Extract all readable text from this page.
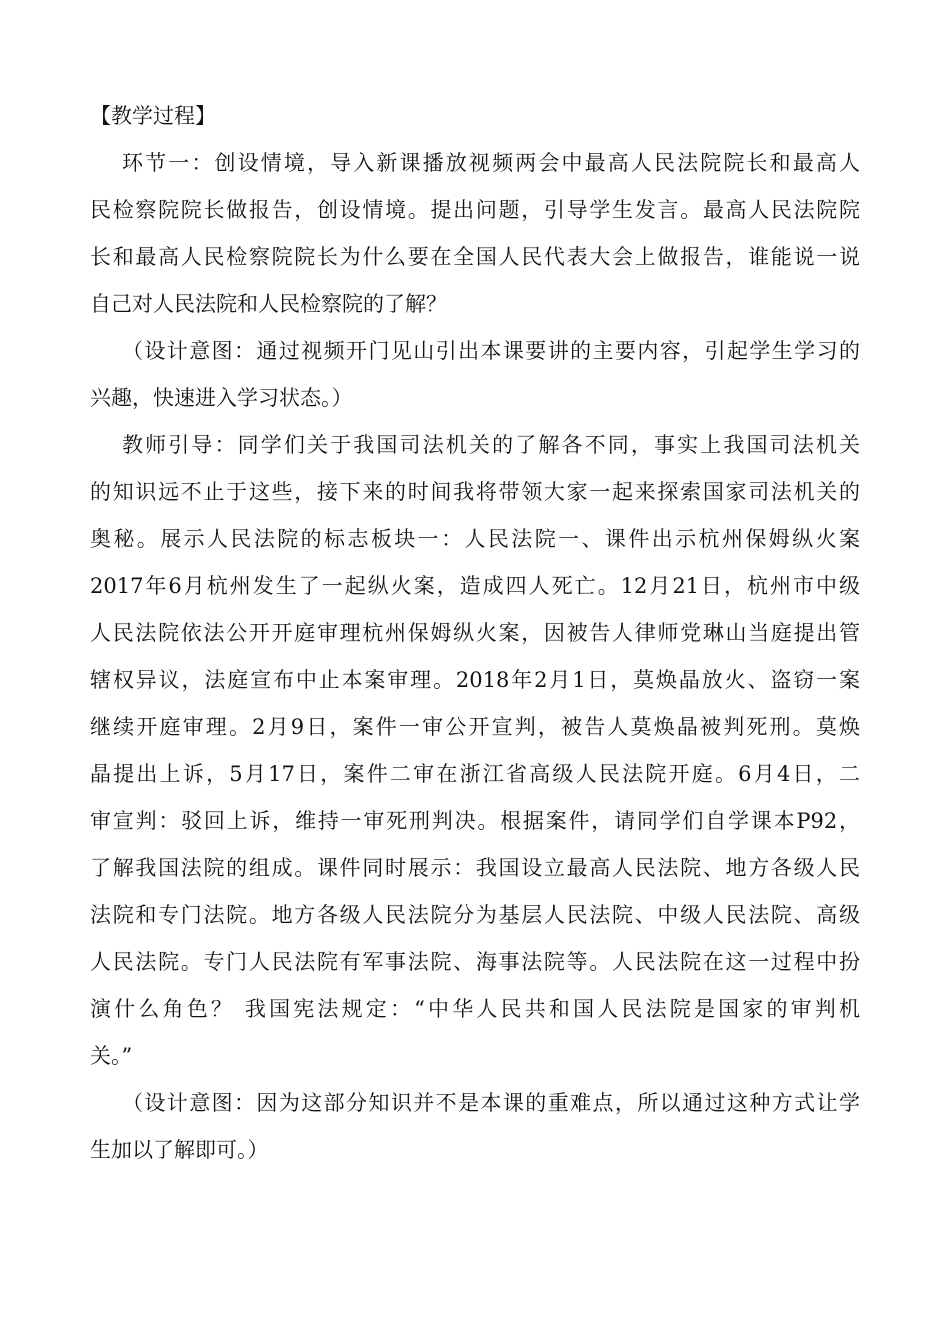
【教学过程】
环节一：创设情境，导入新课播放视频两会中最高人民法院院长和最高人
民检察院院长做报告，创设情境。提出问题，引导学生发言。最高人民法院院
长和最高人民检察院院长为什么要在全国人民代表大会上做报告，谁能说一说
自己对人民法院和人民检察院的了解？
（设计意图：通过视频开门见山引出本课要讲的主要内容，引起学生学习的
兴趣，快速进入学习状态。）
教师引导：同学们关于我国司法机关的了解各不同，事实上我国司法机关
的知识远不止于这些，接下来的时间我将带领大家一起来探索国家司法机关的
奥秘。展示人民法院的标志板块一：人民法院一、课件出示杭州保姆纵火案
2017年6月杭州发生了一起纵火案，造成四人死亡。12月21日，杭州市中级
人民法院依法公开开庭审理杭州保姆纵火案，因被告人律师党琳山当庭提出管
辖权异议，法庭宣布中止本案审理。2018年2月1日，莫焕晶放火、盗窃一案
继续开庭审理。2月9日，案件一审公开宣判，被告人莫焕晶被判死刑。莫焕
晶提出上诉，5月17日，案件二审在浙江省高级人民法院开庭。6月4日，二
审宣判：驳回上诉，维持一审死刑判决。根据案件，请同学们自学课本P92，
了解我国法院的组成。课件同时展示：我国设立最高人民法院、地方各级人民
法院和专门法院。地方各级人民法院分为基层人民法院、中级人民法院、高级
人民法院。专门人民法院有军事法院、海事法院等。人民法院在这一过程中扮
演什么角色？ 我国宪法规定：“中华人民共和国人民法院是国家的审判机
关。”
（设计意图：因为这部分知识并不是本课的重难点，所以通过这种方式让学
生加以了解即可。）
